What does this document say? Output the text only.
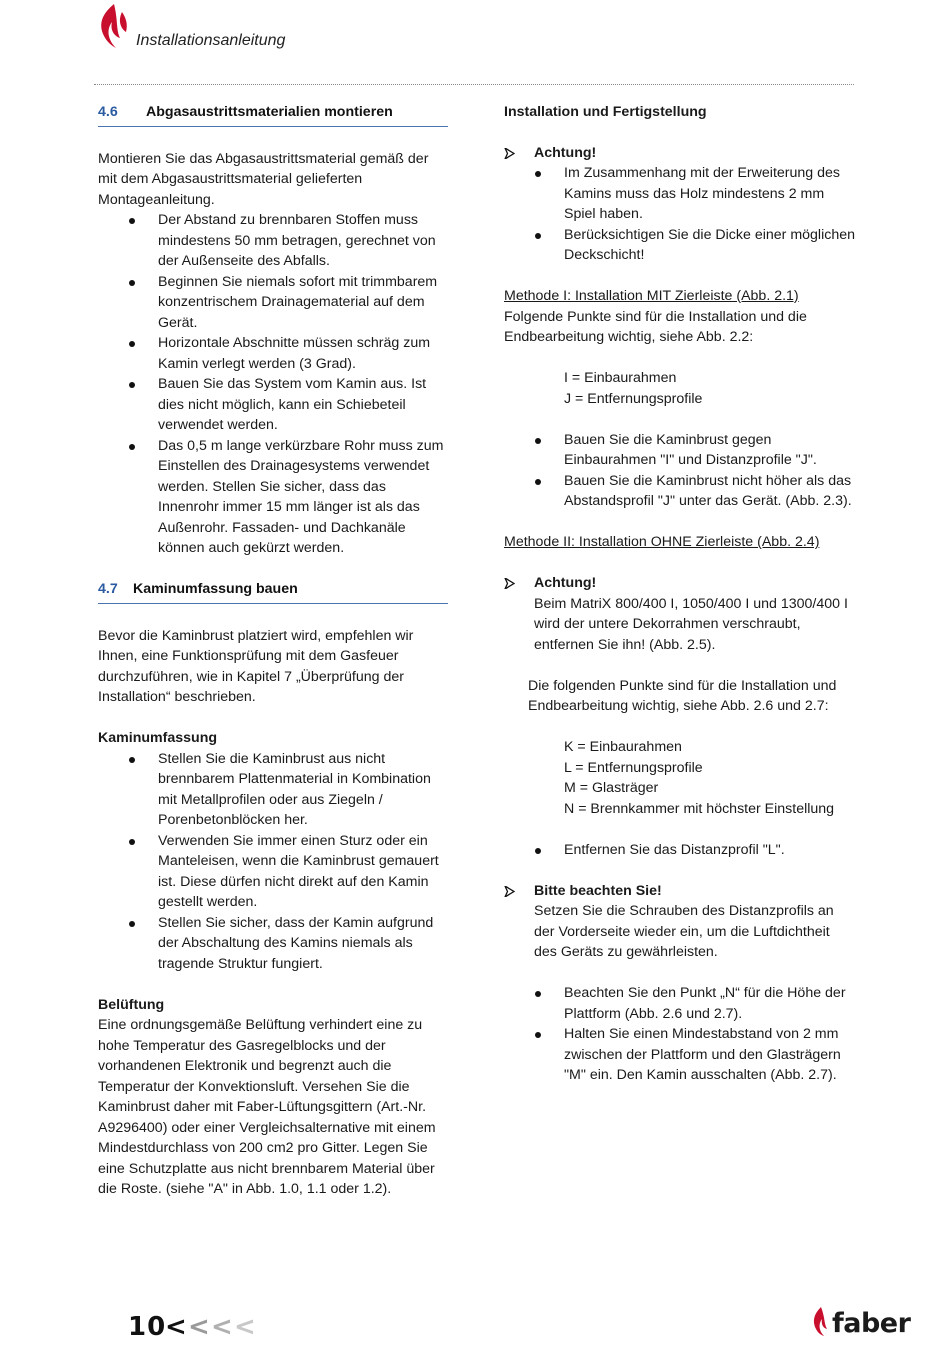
Installationsanleitung
4.6 Abgasaustrittsmaterialien montieren

Montieren Sie das Abgasaustrittsmaterial gemäß der mit dem Abgasaustrittsmaterial gelieferten Montageanleitung.

Der Abstand zu brennbaren Stoffen muss mindestens 50 mm betragen, gerechnet von der Außenseite des Abfalls.
Beginnen Sie niemals sofort mit trimmbarem konzentrischem Drainagematerial auf dem Gerät.
Horizontale Abschnitte müssen schräg zum Kamin verlegt werden (3 Grad).
Bauen Sie das System vom Kamin aus. Ist dies nicht möglich, kann ein Schiebeteil verwendet werden.
Das 0,5 m lange verkürzbare Rohr muss zum Einstellen des Drainagesystems verwendet werden. Stellen Sie sicher, dass das Innenrohr immer 15 mm länger ist als das Außenrohr. Fassaden- und Dachkanäle können auch gekürzt werden.
4.7 Kaminumfassung bauen

Bevor die Kaminbrust platziert wird, empfehlen wir Ihnen, eine Funktionsprüfung mit dem Gasfeuer durchzuführen, wie in Kapitel 7 „Überprüfung der Installation“ beschrieben.

Kaminumfassung

Stellen Sie die Kaminbrust aus nicht brennbarem Plattenmaterial in Kombination mit Metallprofilen oder aus Ziegeln / Porenbetonblöcken her.
Verwenden Sie immer einen Sturz oder ein Manteleisen, wenn die Kaminbrust gemauert ist. Diese dürfen nicht direkt auf den Kamin gestellt werden.
Stellen Sie sicher, dass der Kamin aufgrund der Abschaltung des Kamins niemals als tragende Struktur fungiert.

Belüftung

Eine ordnungsgemäße Belüftung verhindert eine zu hohe Temperatur des Gasregelblocks und der vorhandenen Elektronik und begrenzt auch die Temperatur der Konvektionsluft. Versehen Sie die Kaminbrust daher mit Faber-Lüftungsgittern (Art.-Nr. A9296400) oder einer Vergleichsalternative mit einem Mindestdurchlass von 200 cm2 pro Gitter. Legen Sie eine Schutzplatte aus nicht brennbarem Material über die Roste. (siehe "A" in Abb. 1.0, 1.1 oder 1.2).

Installation und Fertigstellung

Achtung!

Im Zusammenhang mit der Erweiterung des Kamins muss das Holz mindestens 2 mm Spiel haben.
Berücksichtigen Sie die Dicke einer möglichen Deckschicht!

Methode I: Installation MIT Zierleiste (Abb. 2.1)

Folgende Punkte sind für die Installation und die Endbearbeitung wichtig, siehe Abb. 2.2:

I = Einbaurahmen

J = Entfernungsprofile

Bauen Sie die Kaminbrust gegen Einbaurahmen "I" und Distanzprofile "J".
Bauen Sie die Kaminbrust nicht höher als das Abstandsprofil "J" unter das Gerät. (Abb. 2.3).

Methode II: Installation OHNE Zierleiste (Abb. 2.4)

Achtung!

Beim MatriX 800/400 I, 1050/400 I und 1300/400 I wird der untere Dekorrahmen verschraubt, entfernen Sie ihn! (Abb. 2.5).

Die folgenden Punkte sind für die Installation und Endbearbeitung wichtig, siehe Abb. 2.6 und 2.7:

K = Einbaurahmen

L = Entfernungsprofile

M = Glasträger

N = Brennkammer mit höchster Einstellung

Entfernen Sie das Distanzprofil "L".

Bitte beachten Sie!

Setzen Sie die Schrauben des Distanzprofils an der Vorderseite wieder ein, um die Luftdichtheit des Geräts zu gewährleisten.

Beachten Sie den Punkt „N“ für die Höhe der Plattform (Abb. 2.6 und 2.7).
Halten Sie einen Mindestabstand von 2 mm zwischen der Plattform und den Glasträgern "M" ein. Den Kamin ausschalten (Abb. 2.7).
10
< < < <	faber
